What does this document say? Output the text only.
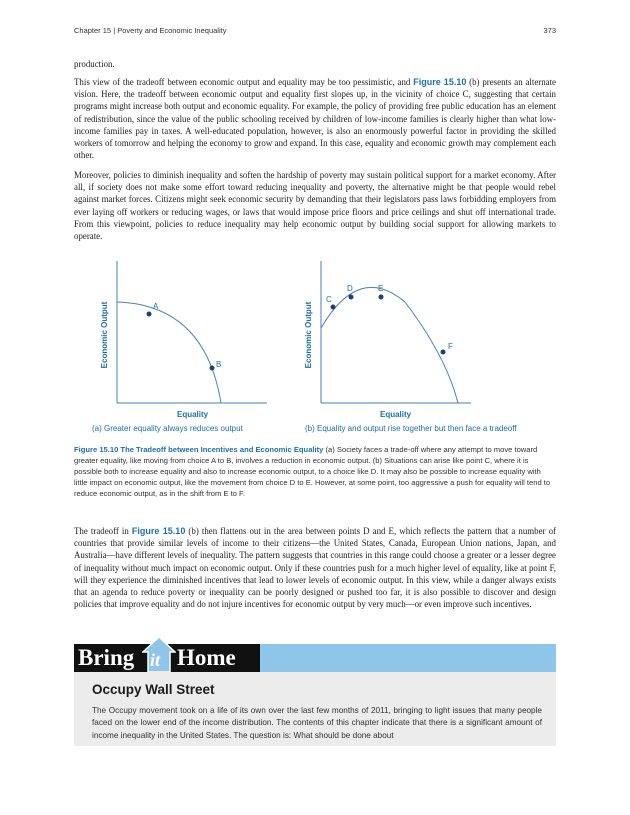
Chapter 15 | Poverty and Economic Inequality	373

production.

This view of the tradeoff between economic output and equality may be too pessimistic, and Figure 15.10 (b) presents an alternate vision. Here, the tradeoff between economic output and equality first slopes up, in the vicinity of choice C, suggesting that certain programs might increase both output and economic equality. For example, the policy of providing free public education has an element of redistribution, since the value of the public schooling received by children of low-income families is clearly higher than what low-income families pay in taxes. A well-educated population, however, is also an enormously powerful factor in providing the skilled workers of tomorrow and helping the economy to grow and expand. In this case, equality and economic growth may complement each other.

Moreover, policies to diminish inequality and soften the hardship of poverty may sustain political support for a market economy. After all, if society does not make some effort toward reducing inequality and poverty, the alternative might be that people would rebel against market forces. Citizens might seek economic security by demanding that their legislators pass laws forbidding employers from ever laying off workers or reducing wages, or laws that would impose price floors and price ceilings and shut off international trade. From this viewpoint, policies to reduce inequality may help economic output by building social support for allowing markets to operate.

A
B
Equality
Economic Output
(a) Greater equality always reduces output
C
D	E
F
Equality
Economic Output
(b) Equality and output rise together but then face a tradeoff

Figure 15.10 The Tradeoff between Incentives and Economic Equality (a) Society faces a trade-off where any attempt to move toward greater equality, like moving from choice A to B, involves a reduction in economic output. (b) Situations can arise like point C, where it is possible both to increase equality and also to increase economic output, to a choice like D. It may also be possible to increase equality with little impact on economic output, like the movement from choice D to E. However, at some point, too aggressive a push for equality will tend to reduce economic output, as in the shift from E to F.

The tradeoff in Figure 15.10 (b) then flattens out in the area between points D and E, which reflects the pattern that a number of countries that provide similar levels of income to their citizens—the United States, Canada, European Union nations, Japan, and Australia—have different levels of inequality. The pattern suggests that countries in this range could choose a greater or a lesser degree of inequality without much impact on economic output. Only if these countries push for a much higher level of equality, like at point F, will they experience the diminished incentives that lead to lower levels of economic output. In this view, while a danger always exists that an agenda to reduce poverty or inequality can be poorly designed or pushed too far, it is also possible to discover and design policies that improve equality and do not injure incentives for economic output by very much—or even improve such incentives.

Bring it Home
Occupy Wall Street

The Occupy movement took on a life of its own over the last few months of 2011, bringing to light issues that many people faced on the lower end of the income distribution. The contents of this chapter indicate that there is a significant amount of income inequality in the United States. The question is: What should be done about
